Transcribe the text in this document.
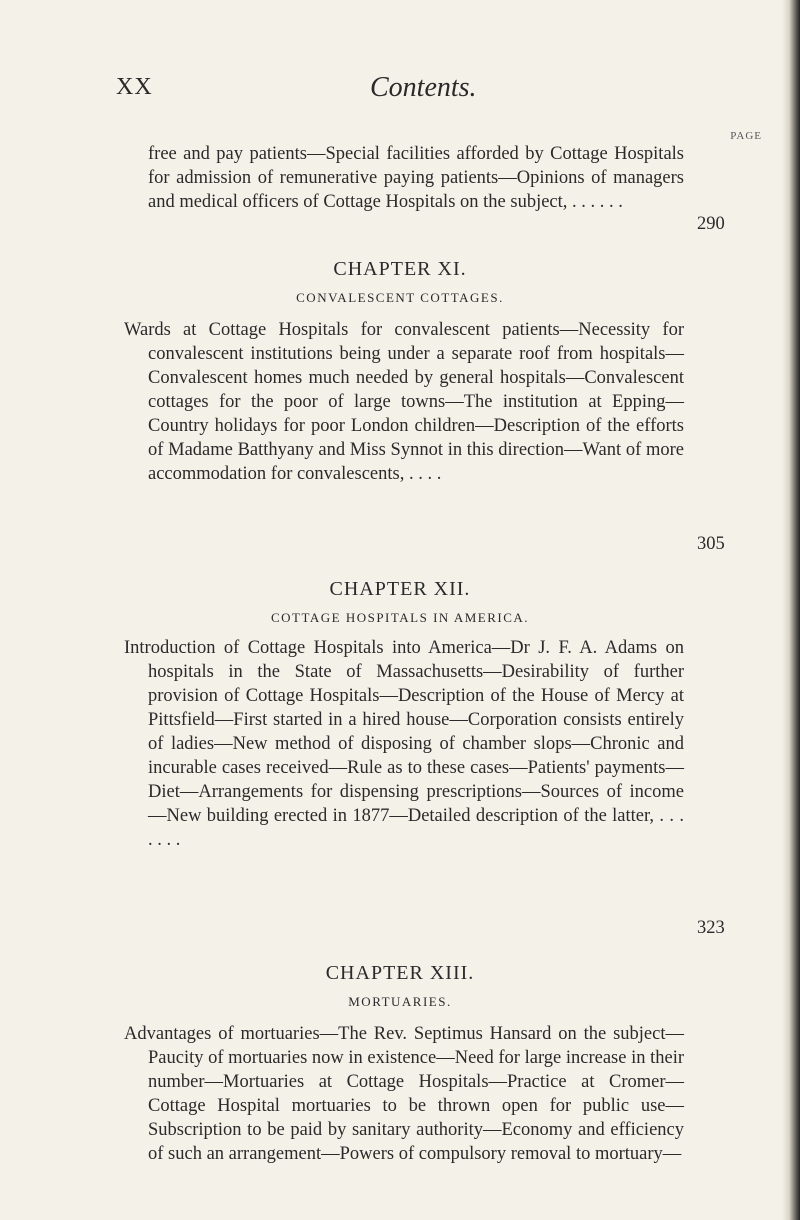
XX	Contents.
PAGE
free and pay patients—Special facilities afforded by Cottage Hospitals for admission of remunerative paying patients—Opinions of managers and medical officers of Cottage Hospitals on the subject, . . . . . .
290
CHAPTER XI.
CONVALESCENT COTTAGES.
Wards at Cottage Hospitals for convalescent patients—Necessity for convalescent institutions being under a separate roof from hospitals—Convalescent homes much needed by general hospitals—Convalescent cottages for the poor of large towns—The institution at Epping—Country holidays for poor London children—Description of the efforts of Madame Batthyany and Miss Synnot in this direction—Want of more accommodation for convalescents, . . . .
305
CHAPTER XII.
COTTAGE HOSPITALS IN AMERICA.
Introduction of Cottage Hospitals into America—Dr J. F. A. Adams on hospitals in the State of Massachusetts—Desirability of further provision of Cottage Hospitals—Description of the House of Mercy at Pittsfield—First started in a hired house—Corporation consists entirely of ladies—New method of disposing of chamber slops—Chronic and incurable cases received—Rule as to these cases—Patients' payments—Diet—Arrangements for dispensing prescriptions—Sources of income—New building erected in 1877—Detailed description of the latter, . . . . . . .
323
CHAPTER XIII.
MORTUARIES.
Advantages of mortuaries—The Rev. Septimus Hansard on the subject—Paucity of mortuaries now in existence—Need for large increase in their number—Mortuaries at Cottage Hospitals—Practice at Cromer—Cottage Hospital mortuaries to be thrown open for public use—Subscription to be paid by sanitary authority—Economy and efficiency of such an arrangement—Powers of compulsory removal to mortuary—
